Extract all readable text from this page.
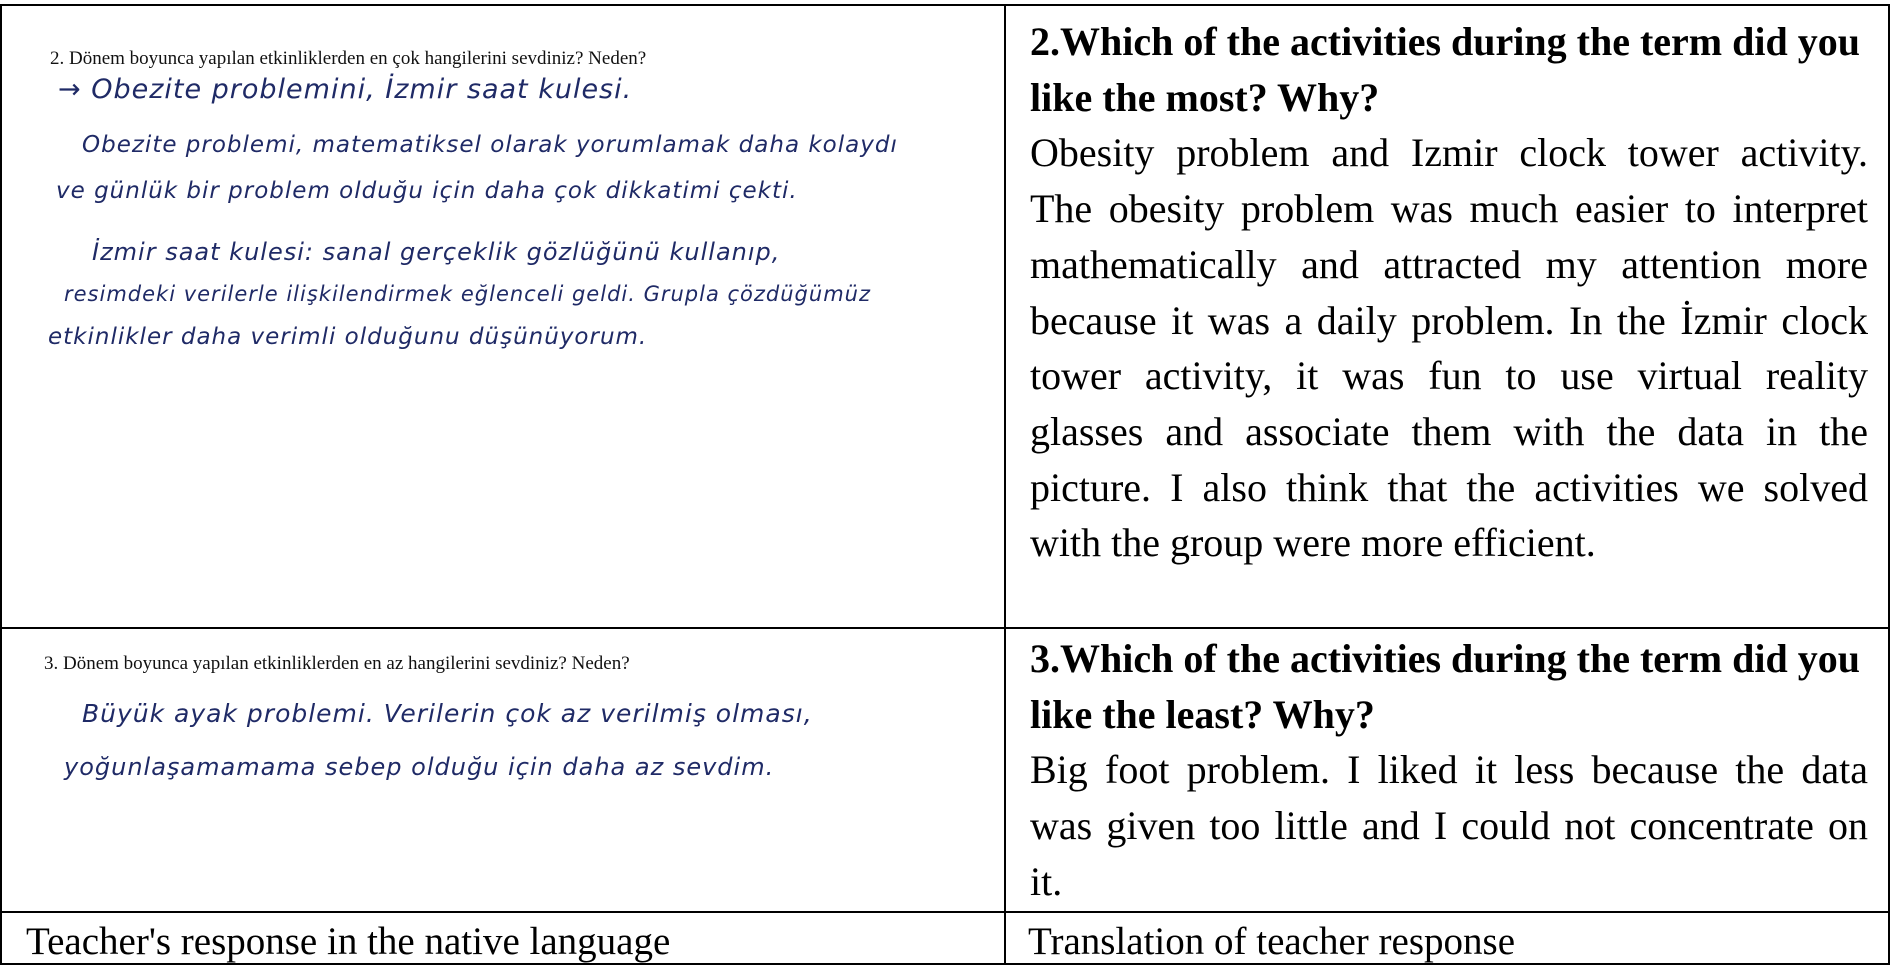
2. Dönem boyunca yapılan etkinliklerden en çok hangilerini sevdiniz? Neden?
→ Obezite problemini, İzmir saat kulesi.
Obezite problemi, matematiksel olarak yorumlamak daha kolaydı
ve günlük bir problem olduğu için daha çok dikkatimi çekti.
İzmir saat kulesi: sanal gerçeklik gözlüğünü kullanıp,
resimdeki verilerle ilişkilendirmek eğlenceli geldi. Grupla çözdüğümüz
etkinlikler daha verimli olduğunu düşünüyorum.
2.Which of the activities during the term did you like the most? Why?
Obesity problem and Izmir clock tower activity. The obesity problem was much easier to interpret mathematically and attracted my attention more because it was a daily problem. In the İzmir clock tower activity, it was fun to use virtual reality glasses and associate them with the data in the picture. I also think that the activities we solved with the group were more efficient.
3. Dönem boyunca yapılan etkinliklerden en az hangilerini sevdiniz? Neden?
Büyük ayak problemi. Verilerin çok az verilmiş olması,
yoğunlaşamamama sebep olduğu için daha az sevdim.
3.Which of the activities during the term did you like the least? Why?
Big foot problem. I liked it less because the data was given too little and I could not concentrate on it.
Teacher's response in the native language	Translation of teacher response
